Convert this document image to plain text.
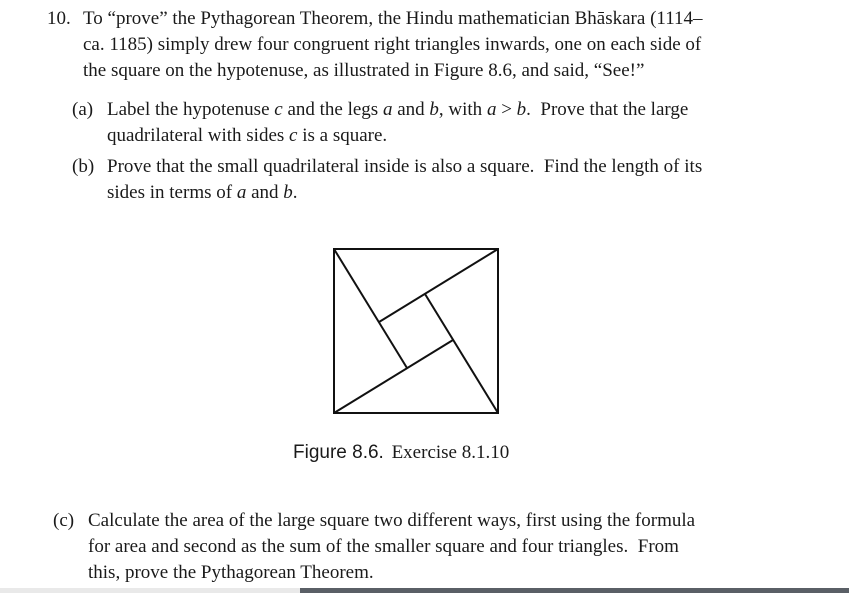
10. To “prove” the Pythagorean Theorem, the Hindu mathematician Bhāskara (1114–
ca. 1185) simply drew four congruent right triangles inwards, one on each side of
the square on the hypotenuse, as illustrated in Figure 8.6, and said, “See!”
(a) Label the hypotenuse c and the legs a and b, with a > b.  Prove that the large
quadrilateral with sides c is a square.
(b) Prove that the small quadrilateral inside is also a square.  Find the length of its
sides in terms of a and b.
Figure 8.6. Exercise 8.1.10
(c) Calculate the area of the large square two different ways, first using the formula
for area and second as the sum of the smaller square and four triangles.  From
this, prove the Pythagorean Theorem.
